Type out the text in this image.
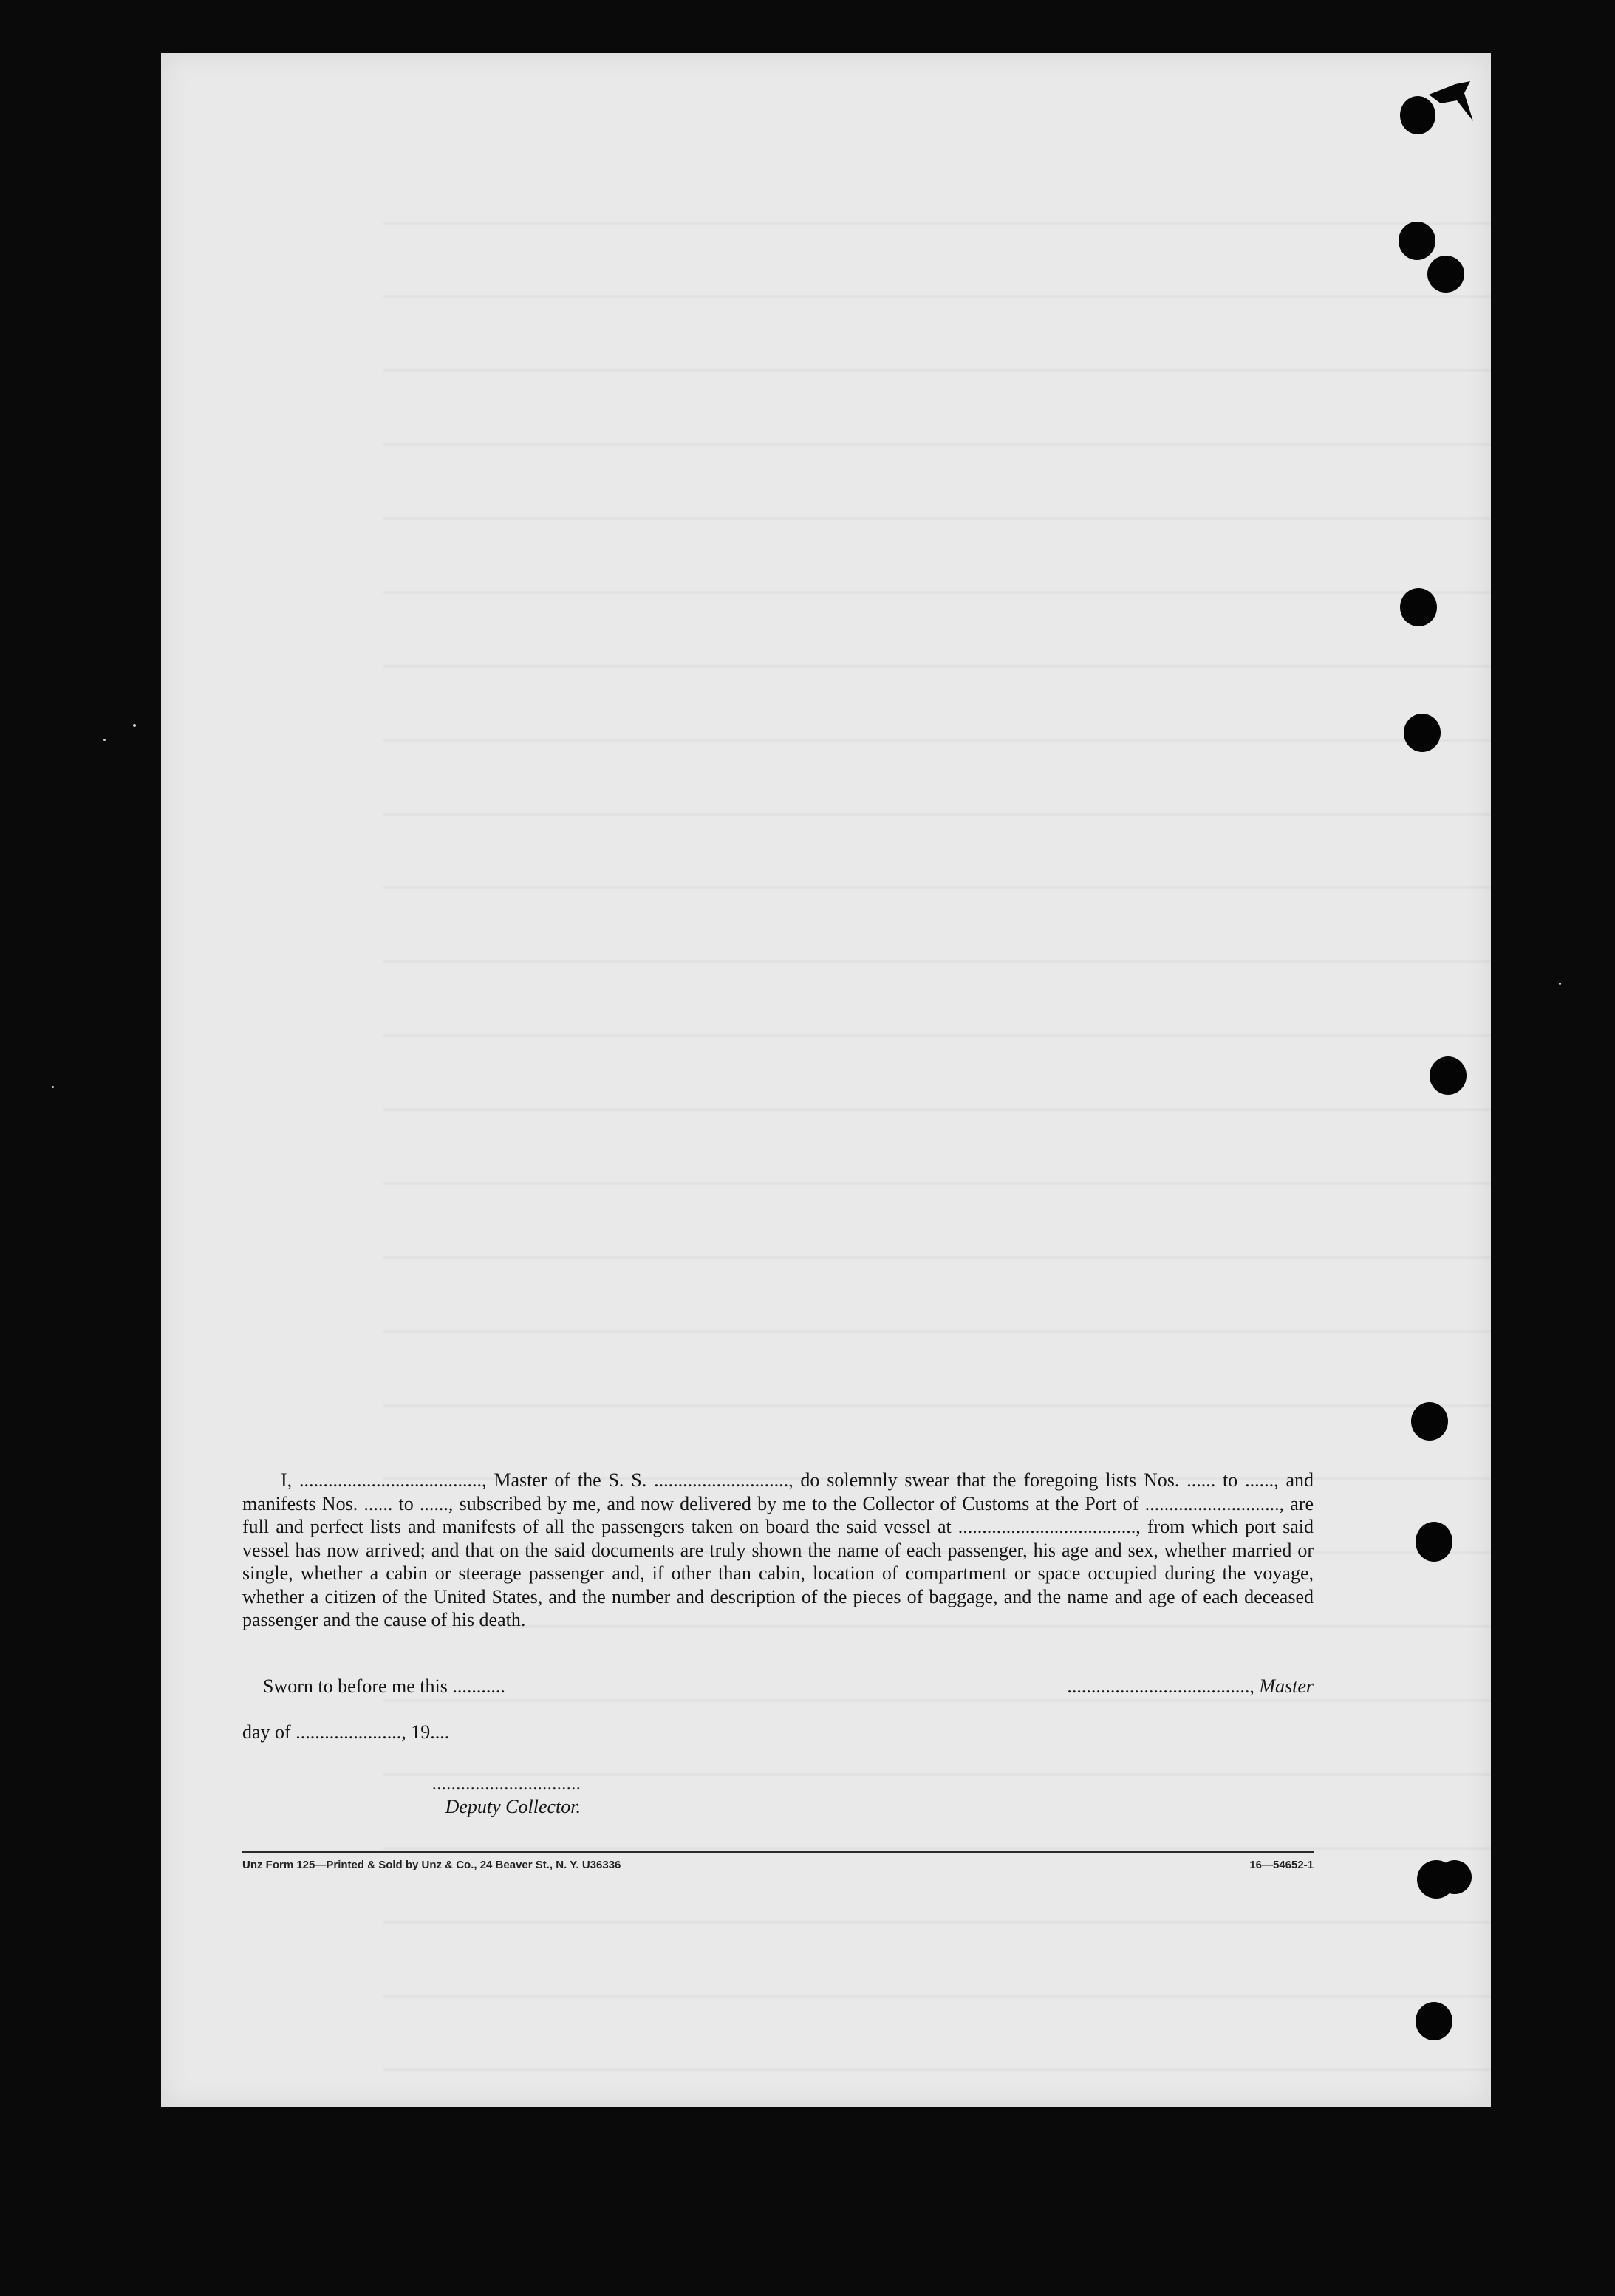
I, ......................................, Master of the S. S. ............................, do solemnly swear that the foregoing lists Nos. ...... to ......, and manifests Nos. ...... to ......, subscribed by me, and now delivered by me to the Collector of Customs at the Port of ............................, are full and perfect lists and manifests of all the passengers taken on board the said vessel at ....................................., from which port said vessel has now arrived; and that on the said documents are truly shown the name of each passenger, his age and sex, whether married or single, whether a cabin or steerage passenger and, if other than cabin, location of compartment or space occupied during the voyage, whether a citizen of the United States, and the number and description of the pieces of baggage, and the name and age of each deceased passenger and the cause of his death.

Sworn to before me this ...........	......................................, Master
day of ......................, 19....
...............................
Deputy Collector.
Unz Form 125—Printed & Sold by Unz & Co., 24 Beaver St., N. Y. U36336	16—54652-1
